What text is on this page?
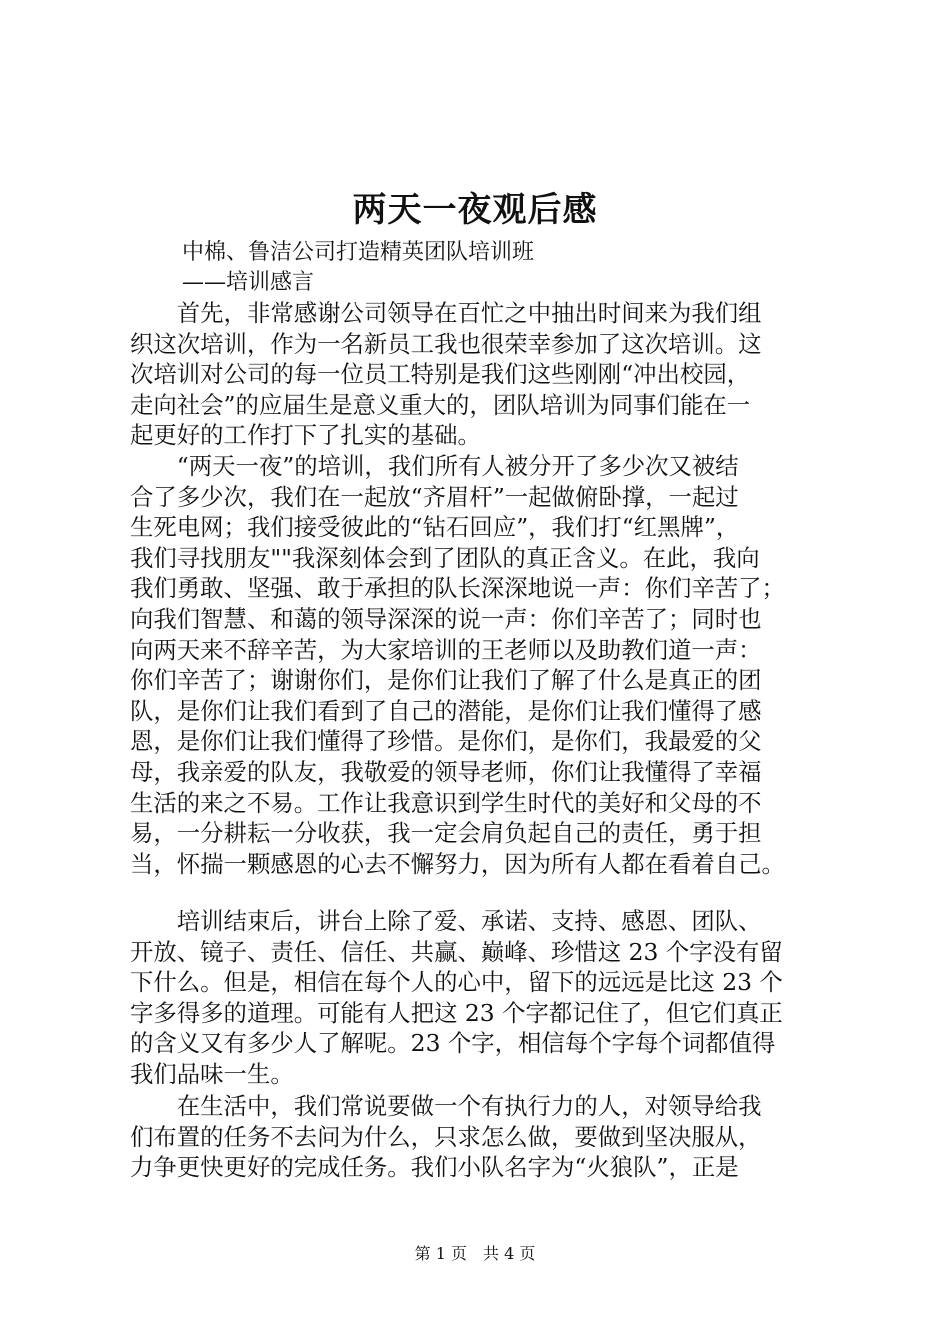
两天一夜观后感
中棉、鲁洁公司打造精英团队培训班
——培训感言
　　首先，非常感谢公司领导在百忙之中抽出时间来为我们组
织这次培训，作为一名新员工我也很荣幸参加了这次培训。这
次培训对公司的每一位员工特别是我们这些刚刚“冲出校园，
走向社会”的应届生是意义重大的，团队培训为同事们能在一
起更好的工作打下了扎实的基础。
　　“两天一夜”的培训，我们所有人被分开了多少次又被结
合了多少次，我们在一起放“齐眉杆”一起做俯卧撑，一起过
生死电网；我们接受彼此的“钻石回应”，我们打“红黑牌”，
我们寻找朋友""我深刻体会到了团队的真正含义。在此，我向
我们勇敢、坚强、敢于承担的队长深深地说一声：你们辛苦了；
向我们智慧、和蔼的领导深深的说一声：你们辛苦了；同时也
向两天来不辞辛苦，为大家培训的王老师以及助教们道一声：
你们辛苦了；谢谢你们，是你们让我们了解了什么是真正的团
队，是你们让我们看到了自己的潜能，是你们让我们懂得了感
恩，是你们让我们懂得了珍惜。是你们，是你们，我最爱的父
母，我亲爱的队友，我敬爱的领导老师，你们让我懂得了幸福
生活的来之不易。工作让我意识到学生时代的美好和父母的不
易，一分耕耘一分收获，我一定会肩负起自己的责任，勇于担
当，怀揣一颗感恩的心去不懈努力，因为所有人都在看着自己。
　　培训结束后，讲台上除了爱、承诺、支持、感恩、团队、
开放、镜子、责任、信任、共赢、巅峰、珍惜这 23 个字没有留
下什么。但是，相信在每个人的心中，留下的远远是比这 23 个
字多得多的道理。可能有人把这 23 个字都记住了，但它们真正
的含义又有多少人了解呢。23 个字，相信每个字每个词都值得
我们品味一生。
　　在生活中，我们常说要做一个有执行力的人，对领导给我
们布置的任务不去问为什么，只求怎么做，要做到坚决服从，
力争更快更好的完成任务。我们小队名字为“火狼队”，正是
第 1 页　共 4 页
